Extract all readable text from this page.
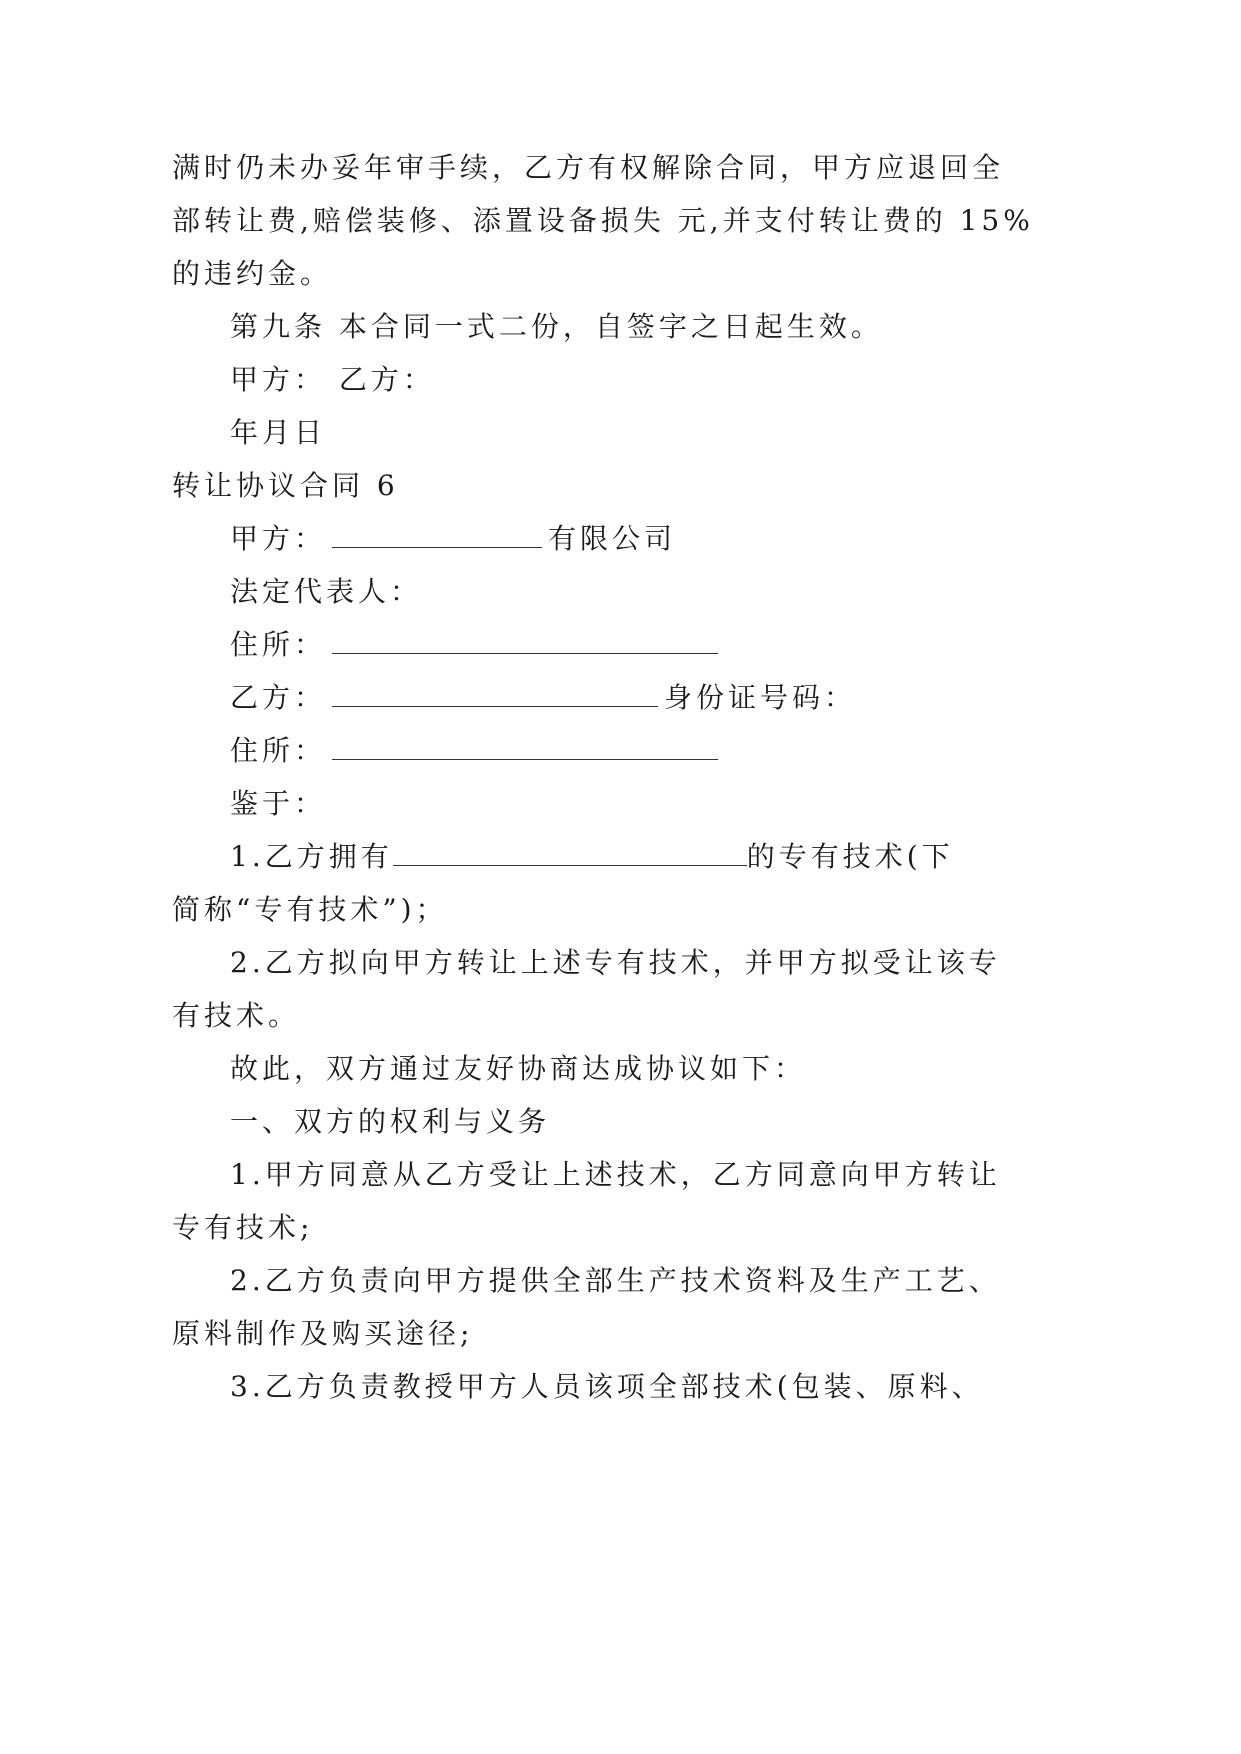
满时仍未办妥年审手续，乙方有权解除合同，甲方应退回全
部转让费,赔偿装修、添置设备损失 元,并支付转让费的 15%
的违约金。
第九条 本合同一式二份，自签字之日起生效。
甲方： 乙方：
年月日
转让协议合同 6
甲方：	有限公司
法定代表人：
住所：
乙方：	身份证号码：
住所：
鉴于：
1.乙方拥有	的专有技术(下
简称“专有技术”)；
2.乙方拟向甲方转让上述专有技术，并甲方拟受让该专
有技术。
故此，双方通过友好协商达成协议如下：
一、双方的权利与义务
1.甲方同意从乙方受让上述技术，乙方同意向甲方转让
专有技术;
2.乙方负责向甲方提供全部生产技术资料及生产工艺、
原料制作及购买途径;
3.乙方负责教授甲方人员该项全部技术(包装、原料、
